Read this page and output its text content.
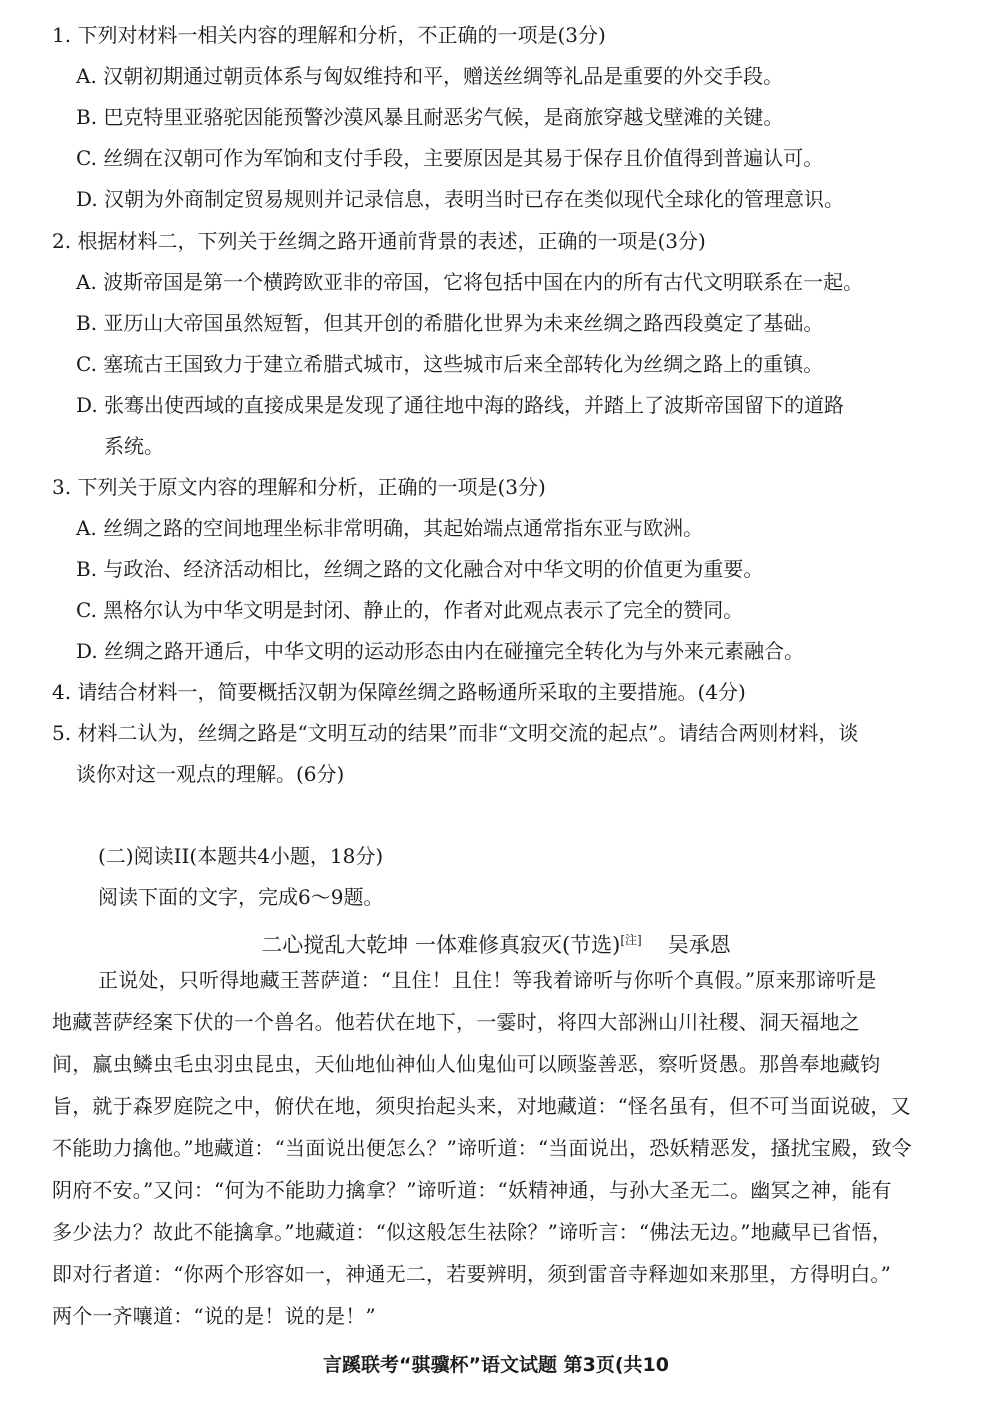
1. 下列对材料一相关内容的理解和分析，不正确的一项是(3分)
A. 汉朝初期通过朝贡体系与匈奴维持和平，赠送丝绸等礼品是重要的外交手段。
B. 巴克特里亚骆驼因能预警沙漠风暴且耐恶劣气候，是商旅穿越戈壁滩的关键。
C. 丝绸在汉朝可作为军饷和支付手段，主要原因是其易于保存且价值得到普遍认可。
D. 汉朝为外商制定贸易规则并记录信息，表明当时已存在类似现代全球化的管理意识。
2. 根据材料二，下列关于丝绸之路开通前背景的表述，正确的一项是(3分)
A. 波斯帝国是第一个横跨欧亚非的帝国，它将包括中国在内的所有古代文明联系在一起。
B. 亚历山大帝国虽然短暂，但其开创的希腊化世界为未来丝绸之路西段奠定了基础。
C. 塞琉古王国致力于建立希腊式城市，这些城市后来全部转化为丝绸之路上的重镇。
D. 张骞出使西域的直接成果是发现了通往地中海的路线，并踏上了波斯帝国留下的道路
系统。
3. 下列关于原文内容的理解和分析，正确的一项是(3分)
A. 丝绸之路的空间地理坐标非常明确，其起始端点通常指东亚与欧洲。
B. 与政治、经济活动相比，丝绸之路的文化融合对中华文明的价值更为重要。
C. 黑格尔认为中华文明是封闭、静止的，作者对此观点表示了完全的赞同。
D. 丝绸之路开通后，中华文明的运动形态由内在碰撞完全转化为与外来元素融合。
4. 请结合材料一，简要概括汉朝为保障丝绸之路畅通所采取的主要措施。(4分)
5. 材料二认为，丝绸之路是“文明互动的结果”而非“文明交流的起点”。请结合两则材料，谈
谈你对这一观点的理解。(6分)
(二)阅读II(本题共4小题，18分)
阅读下面的文字，完成6～9题。
二心搅乱大乾坤 一体难修真寂灭(节选)[注] 吴承恩
正说处，只听得地藏王菩萨道：“且住！且住！等我着谛听与你听个真假。”原来那谛听是
地藏菩萨经案下伏的一个兽名。他若伏在地下，一霎时，将四大部洲山川社稷、洞天福地之
间，赢虫鳞虫毛虫羽虫昆虫，天仙地仙神仙人仙鬼仙可以顾鉴善恶，察听贤愚。那兽奉地藏钧
旨，就于森罗庭院之中，俯伏在地，须臾抬起头来，对地藏道：“怪名虽有，但不可当面说破，又
不能助力擒他。”地藏道：“当面说出便怎么？”谛听道：“当面说出，恐妖精恶发，搔扰宝殿，致令
阴府不安。”又问：“何为不能助力擒拿？”谛听道：“妖精神通，与孙大圣无二。幽冥之神，能有
多少法力？故此不能擒拿。”地藏道：“似这般怎生祛除？”谛听言：“佛法无边。”地藏早已省悟，
即对行者道：“你两个形容如一，神通无二，若要辨明，须到雷音寺释迦如来那里，方得明白。”
两个一齐嚷道：“说的是！说的是！”
言蹊联考“骐骥杯”语文试题 第3页(共10
